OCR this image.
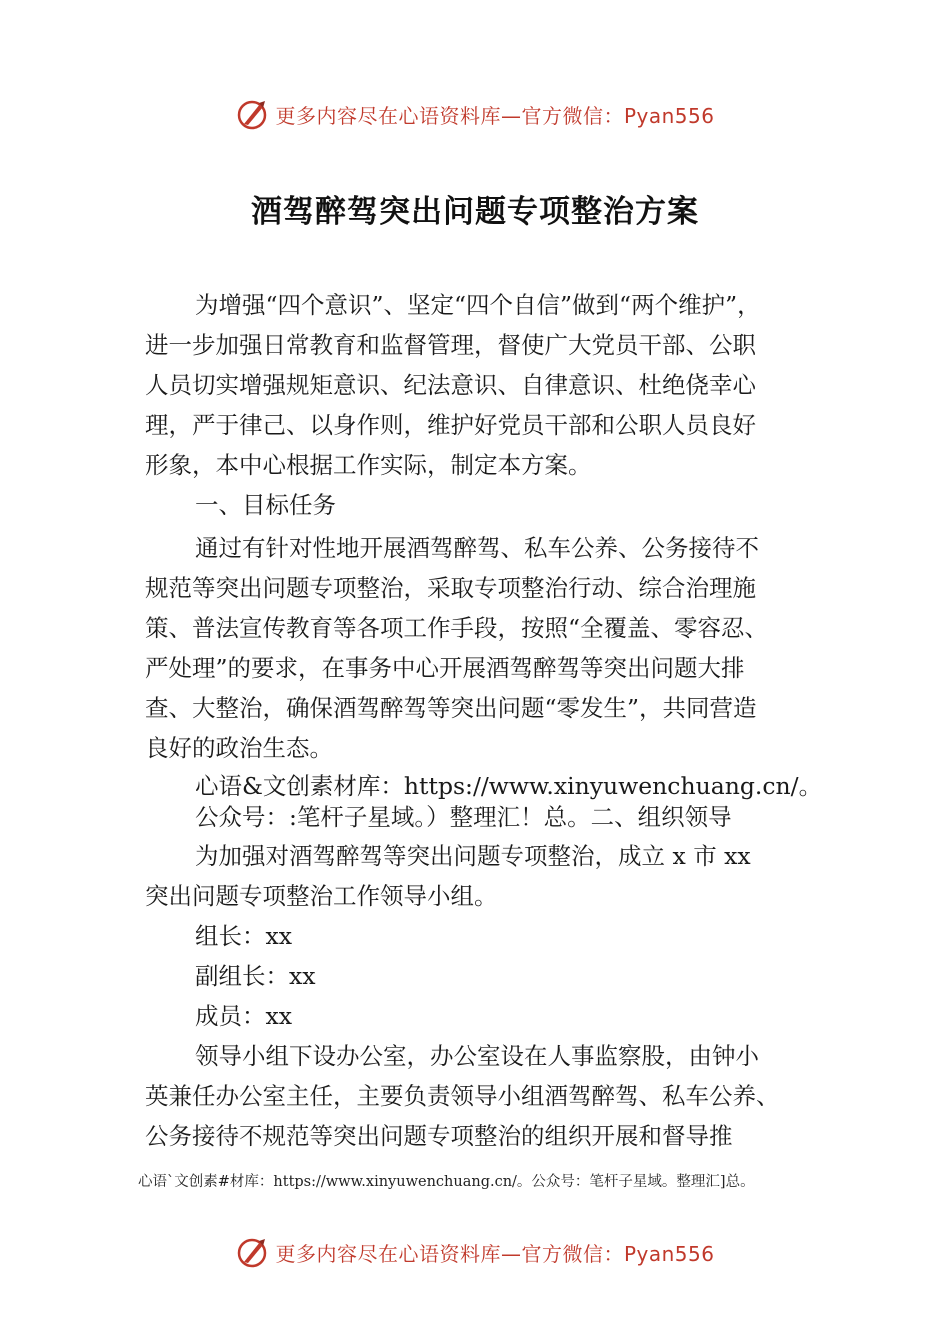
更多内容尽在心语资料库—官方微信：Pyan556
酒驾醉驾突出问题专项整治方案

为增强“四个意识”、坚定“四个自信”做到“两个维护”，

进一步加强日常教育和监督管理，督使广大党员干部、公职

人员切实增强规矩意识、纪法意识、自律意识、杜绝侥幸心

理，严于律己、以身作则，维护好党员干部和公职人员良好

形象，本中心根据工作实际，制定本方案。

一、目标任务

通过有针对性地开展酒驾醉驾、私车公养、公务接待不

规范等突出问题专项整治，采取专项整治行动、综合治理施

策、普法宣传教育等各项工作手段，按照“全覆盖、零容忍、

严处理”的要求，在事务中心开展酒驾醉驾等突出问题大排

查、大整治，确保酒驾醉驾等突出问题“零发生”，共同营造

良好的政治生态。

心语&文创素材库：https://www.xinyuwenchuang.cn/。

公众号：:笔杆子星域。）整理汇！总。二、组织领导

为加强对酒驾醉驾等突出问题专项整治，成立 x 市 xx

突出问题专项整治工作领导小组。

组长：xx

副组长：xx

成员：xx

领导小组下设办公室，办公室设在人事监察股，由钟小

英兼任办公室主任，主要负责领导小组酒驾醉驾、私车公养、

公务接待不规范等突出问题专项整治的组织开展和督导推

心语`文创素#材库：https://www.xinyuwenchuang.cn/。公众号：笔杆子星域。整理汇]总。
更多内容尽在心语资料库—官方微信：Pyan556
